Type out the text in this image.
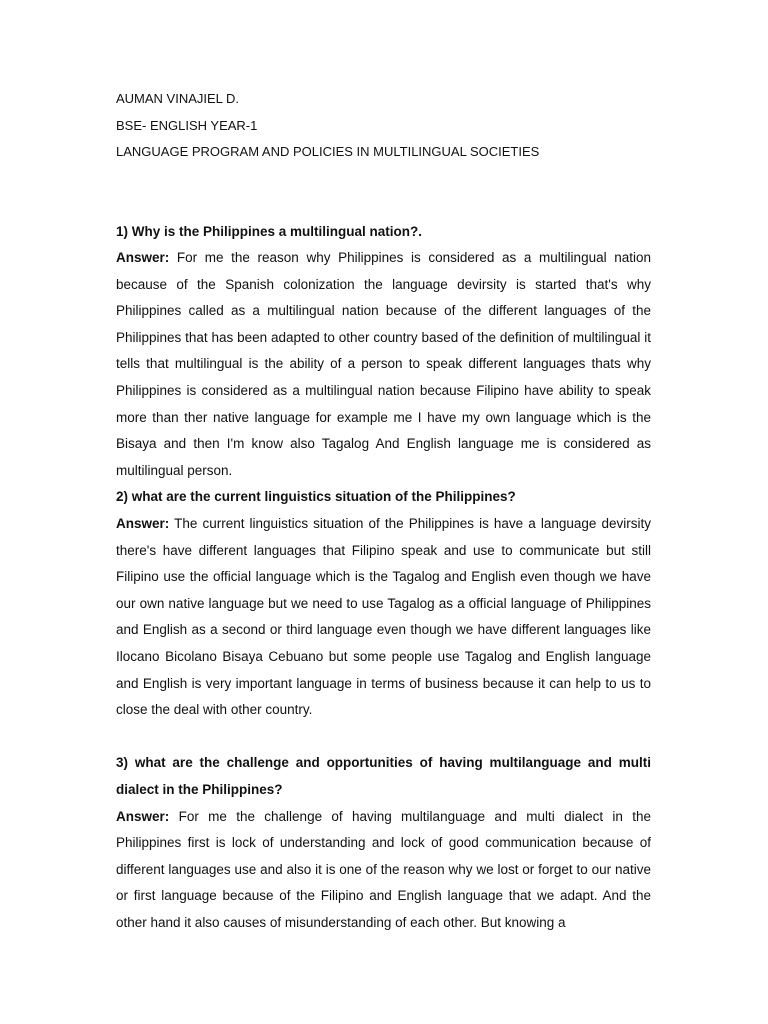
AUMAN VINAJIEL D.

BSE- ENGLISH YEAR-1

LANGUAGE PROGRAM AND POLICIES IN MULTILINGUAL SOCIETIES

1) Why is the Philippines a multilingual nation?.

Answer: For me the reason why Philippines is considered as a multilingual nation because of the Spanish colonization the language devirsity is started that's why Philippines called as a multilingual nation because of the different languages of the Philippines that has been adapted to other country based of the definition of multilingual it tells that multilingual is the ability of a person to speak different languages thats why Philippines is considered as a multilingual nation because Filipino have ability to speak more than ther native language for example me I have my own language which is the Bisaya and then I'm know also Tagalog And English language me is considered as multilingual person.

2) what are the current linguistics situation of the Philippines?

Answer: The current linguistics situation of the Philippines is have a language devirsity there's have different languages that Filipino speak and use to communicate but still Filipino use the official language which is the Tagalog and English even though we have our own native language but we need to use Tagalog as a official language of Philippines and English as a second or third language even though we have different languages like Ilocano Bicolano Bisaya Cebuano but some people use Tagalog and English language and English is very important language in terms of business because it can help to us to close the deal with other country.

3) what are the challenge and opportunities of having multilanguage and multi dialect in the Philippines?

Answer: For me the challenge of having multilanguage and multi dialect in the Philippines first is lock of understanding and lock of good communication because of different languages use and also it is one of the reason why we lost or forget to our native or first language because of the Filipino and English language that we adapt. And the other hand it also causes of misunderstanding of each other. But knowing a
